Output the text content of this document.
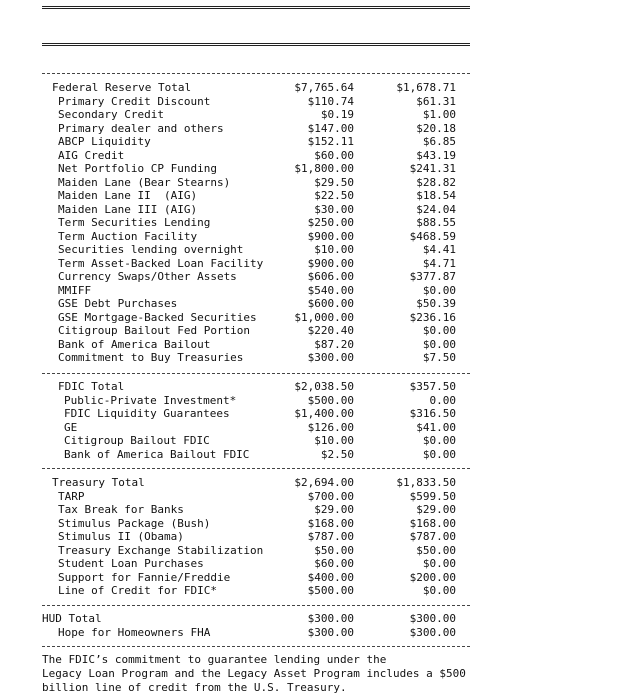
Federal Reserve Total	$7,765.64	$1,678.71
Primary Credit Discount	$110.74	$61.31
Secondary Credit	$0.19	$1.00
Primary dealer and others	$147.00	$20.18
ABCP Liquidity	$152.11	$6.85
AIG Credit	$60.00	$43.19
Net Portfolio CP Funding	$1,800.00	$241.31
Maiden Lane (Bear Stearns)	$29.50	$28.82
Maiden Lane II  (AIG)	$22.50	$18.54
Maiden Lane III (AIG)	$30.00	$24.04
Term Securities Lending	$250.00	$88.55
Term Auction Facility	$900.00	$468.59
Securities lending overnight	$10.00	$4.41
Term Asset-Backed Loan Facility	$900.00	$4.71
Currency Swaps/Other Assets	$606.00	$377.87
MMIFF	$540.00	$0.00
GSE Debt Purchases	$600.00	$50.39
GSE Mortgage-Backed Securities	$1,000.00	$236.16
Citigroup Bailout Fed Portion	$220.40	$0.00
Bank of America Bailout	$87.20	$0.00
Commitment to Buy Treasuries	$300.00	$7.50
FDIC Total	$2,038.50	$357.50
Public-Private Investment*	$500.00	0.00
FDIC Liquidity Guarantees	$1,400.00	$316.50
GE	$126.00	$41.00
Citigroup Bailout FDIC	$10.00	$0.00
Bank of America Bailout FDIC	$2.50	$0.00
Treasury Total	$2,694.00	$1,833.50
TARP	$700.00	$599.50
Tax Break for Banks	$29.00	$29.00
Stimulus Package (Bush)	$168.00	$168.00
Stimulus II (Obama)	$787.00	$787.00
Treasury Exchange Stabilization	$50.00	$50.00
Student Loan Purchases	$60.00	$0.00
Support for Fannie/Freddie	$400.00	$200.00
Line of Credit for FDIC*	$500.00	$0.00
HUD Total	$300.00	$300.00
Hope for Homeowners FHA	$300.00	$300.00
The FDIC’s commitment to guarantee lending under the
Legacy Loan Program and the Legacy Asset Program includes a $500
billion line of credit from the U.S. Treasury.
